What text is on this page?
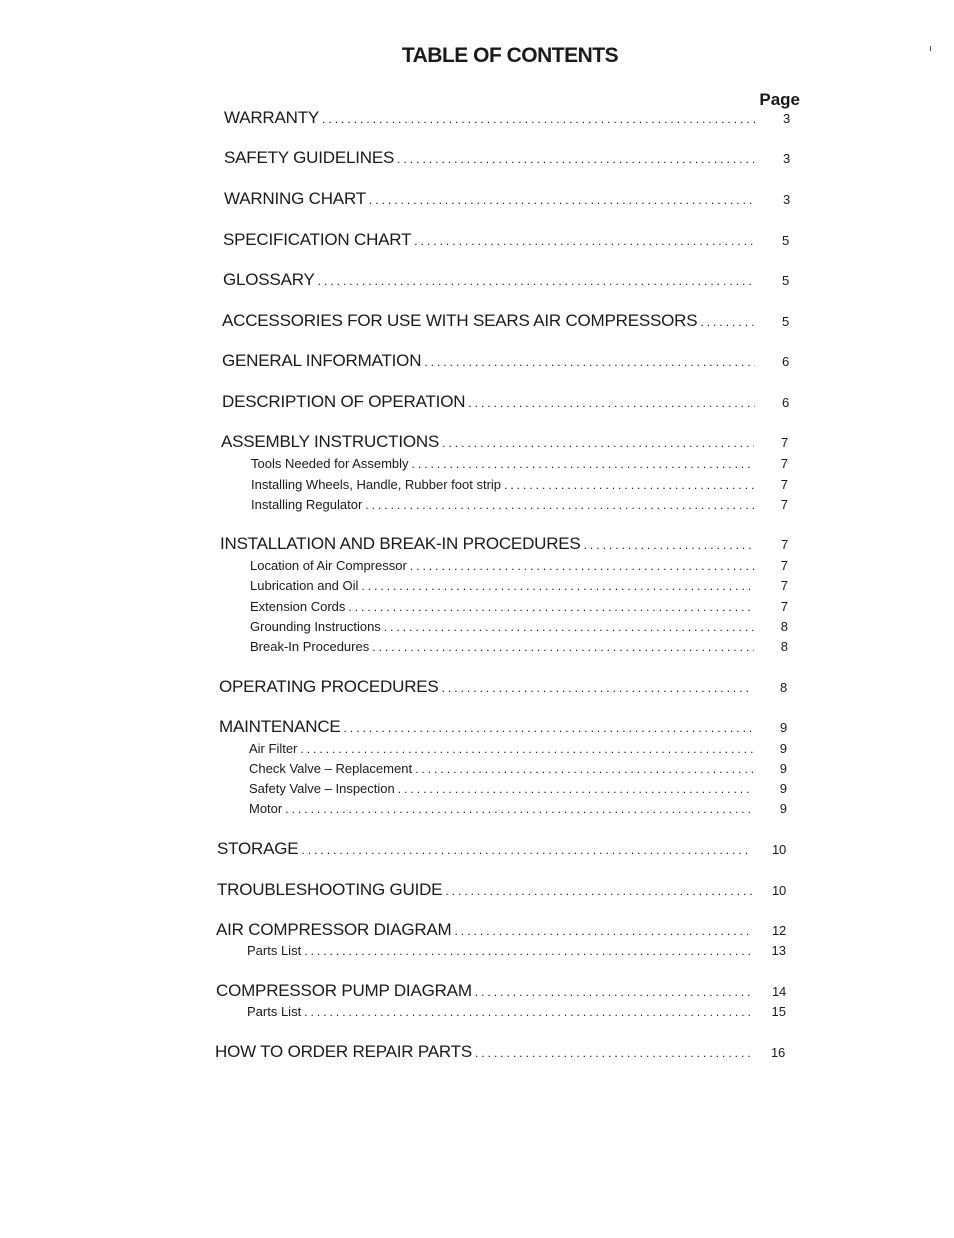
TABLE OF CONTENTS
Page
WARRANTY .....	3
SAFETY GUIDELINES .....	3
WARNING CHART .....	3
SPECIFICATION CHART .....	5
GLOSSARY .....	5
ACCESSORIES FOR USE WITH SEARS AIR COMPRESSORS .....	5
GENERAL INFORMATION .....	6
DESCRIPTION OF OPERATION .....	6
ASSEMBLY INSTRUCTIONS .....	7
Tools Needed for Assembly .....	7
Installing Wheels, Handle, Rubber foot strip .....	7
Installing Regulator .....	7
INSTALLATION AND BREAK-IN PROCEDURES .....	7
Location of Air Compressor .....	7
Lubrication and Oil .....	7
Extension Cords .....	7
Grounding Instructions .....	8
Break-In Procedures .....	8
OPERATING PROCEDURES .....	8
MAINTENANCE .....	9
Air Filter .....	9
Check Valve – Replacement .....	9
Safety Valve – Inspection .....	9
Motor .....	9
STORAGE .....	10
TROUBLESHOOTING GUIDE .....	10
AIR COMPRESSOR DIAGRAM .....	12
Parts List .....	13
COMPRESSOR PUMP DIAGRAM .....	14
Parts List .....	15
HOW TO ORDER REPAIR PARTS .....	16
